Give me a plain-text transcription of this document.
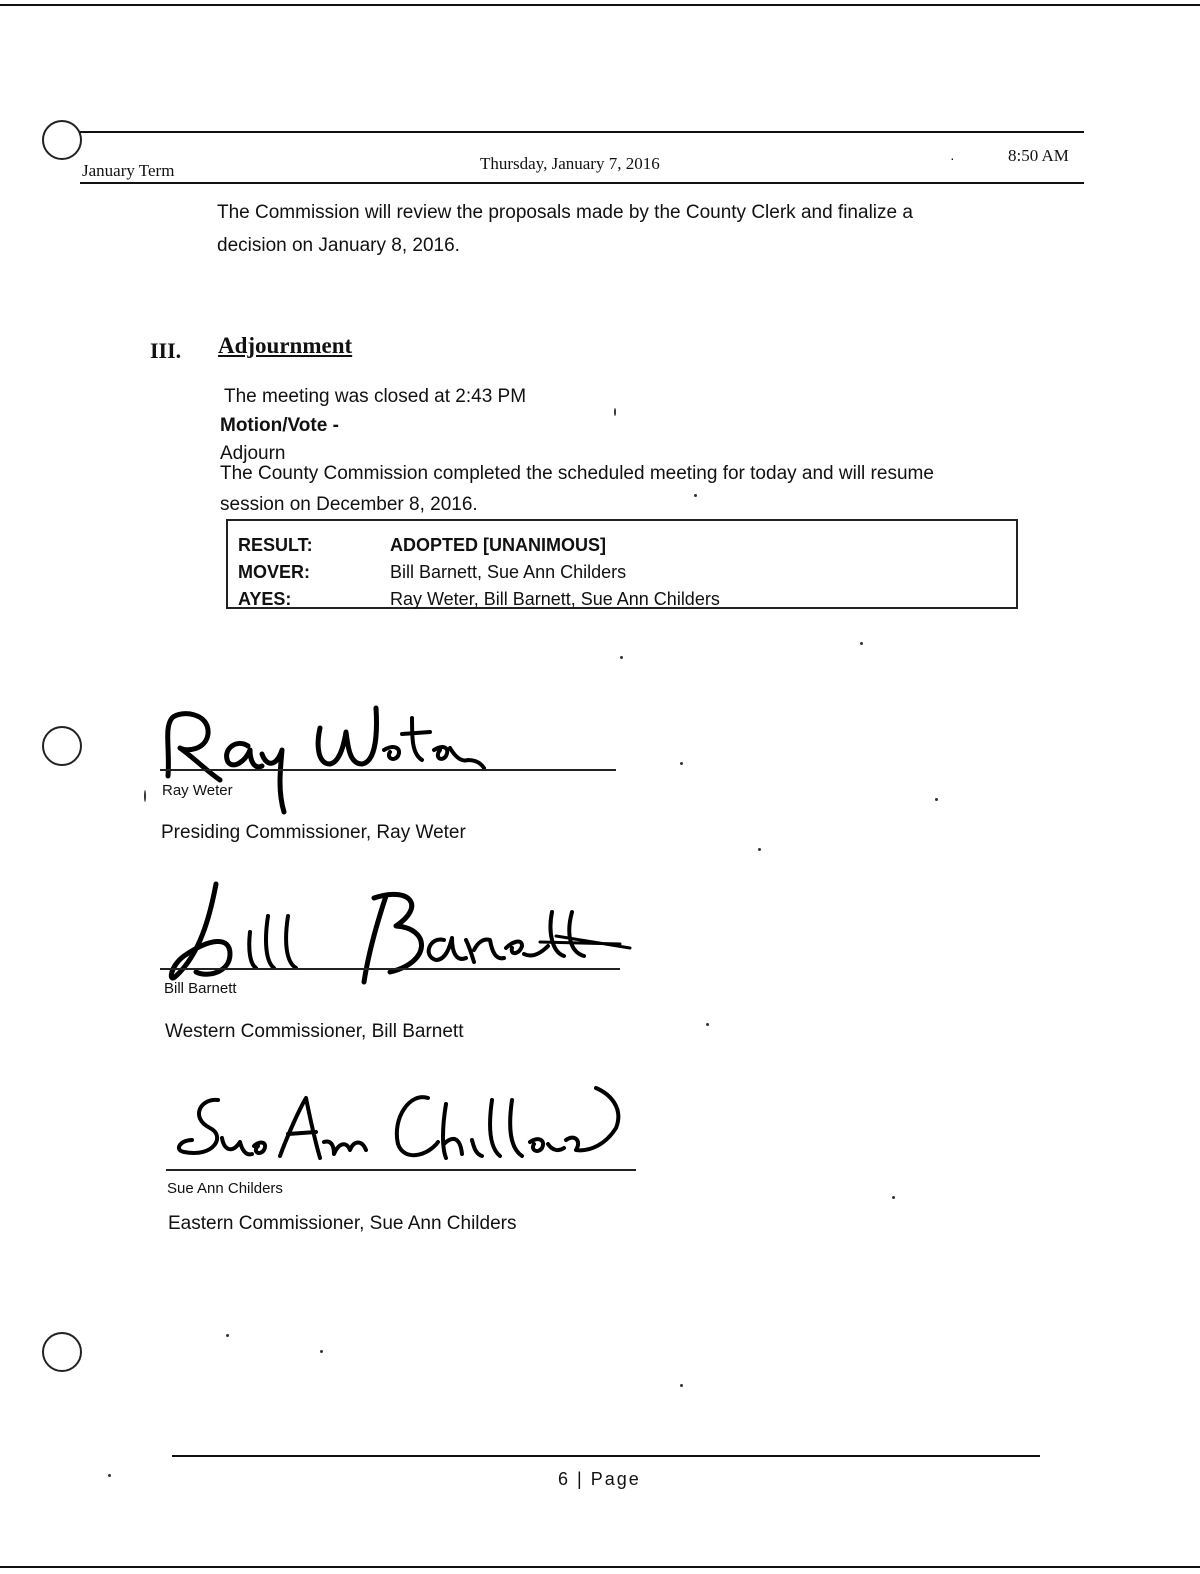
January Term	Thursday, January 7, 2016	·	8:50 AM
The Commission will review the proposals made by the County Clerk and finalize a
decision on January 8, 2016.
III. Adjournment
The meeting was closed at 2:43 PM
Motion/Vote -
Adjourn
The County Commission completed the scheduled meeting for today and will resume
session on December 8, 2016.
RESULT:	ADOPTED [UNANIMOUS]
MOVER:	Bill Barnett, Sue Ann Childers
AYES:	Ray Weter, Bill Barnett, Sue Ann Childers
Ray Weter
Presiding Commissioner, Ray Weter
Bill Barnett
Western Commissioner, Bill Barnett
Sue Ann Childers
Eastern Commissioner, Sue Ann Childers
6 | Page
